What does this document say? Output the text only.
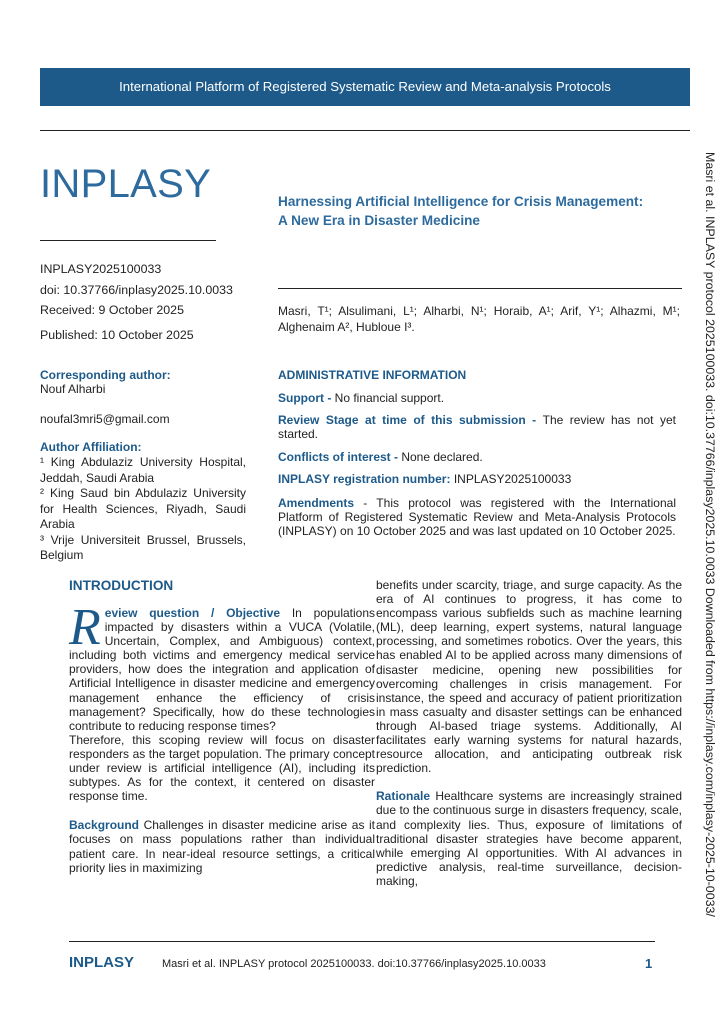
International Platform of Registered Systematic Review and Meta-analysis Protocols
INPLASY
INPLASY2025100033
doi: 10.37766/inplasy2025.10.0033
Received: 9 October 2025
Published: 10 October 2025
Harnessing Artificial Intelligence for Crisis Management:
A New Era in Disaster Medicine
Masri, T¹; Alsulimani, L¹; Alharbi, N¹; Horaib, A¹; Arif, Y¹; Alhazmi, M¹; Alghenaim A², Hubloue I³.
Corresponding author:
Nouf Alharbi
noufal3mri5@gmail.com
Author Affiliation:
¹ King Abdulaziz University Hospital, Jeddah, Saudi Arabia
² King Saud bin Abdulaziz University for Health Sciences, Riyadh, Saudi Arabia
³ Vrije Universiteit Brussel, Brussels, Belgium
ADMINISTRATIVE INFORMATION
Support - No financial support.
Review Stage at time of this submission - The review has not yet started.
Conflicts of interest - None declared.
INPLASY registration number: INPLASY2025100033
Amendments - This protocol was registered with the International Platform of Registered Systematic Review and Meta-Analysis Protocols (INPLASY) on 10 October 2025 and was last updated on 10 October 2025.
INTRODUCTION

Review question / Objective In populations impacted by disasters within a VUCA (Volatile, Uncertain, Complex, and Ambiguous) context, including both victims and emergency medical service providers, how does the integration and application of Artificial Intelligence in disaster medicine and emergency management enhance the efficiency of crisis management? Specifically, how do these technologies contribute to reducing response times?

Therefore, this scoping review will focus on disaster responders as the target population. The primary concept under review is artificial intelligence (AI), including its subtypes. As for the context, it centered on disaster response time.

Background Challenges in disaster medicine arise as it focuses on mass populations rather than individual patient care. In near-ideal resource settings, a critical priority lies in maximizing

benefits under scarcity, triage, and surge capacity. As the era of AI continues to progress, it has come to encompass various subfields such as machine learning (ML), deep learning, expert systems, natural language processing, and sometimes robotics. Over the years, this has enabled AI to be applied across many dimensions of disaster medicine, opening new possibilities for overcoming challenges in crisis management. For instance, the speed and accuracy of patient prioritization in mass casualty and disaster settings can be enhanced through AI-based triage systems. Additionally, AI facilitates early warning systems for natural hazards, resource allocation, and anticipating outbreak risk prediction.

Rationale Healthcare systems are increasingly strained due to the continuous surge in disasters frequency, scale, and complexity lies. Thus, exposure of limitations of traditional disaster strategies have become apparent, while emerging AI opportunities. With AI advances in predictive analysis, real-time surveillance, decision-making,	Masri et al. INPLASY protocol 2025100033. doi:10.37766/inplasy2025.10.0033 Downloaded from https://inplasy.com/inplasy-2025-10-0033/
INPLASY	Masri et al. INPLASY protocol 2025100033. doi:10.37766/inplasy2025.10.0033	1
